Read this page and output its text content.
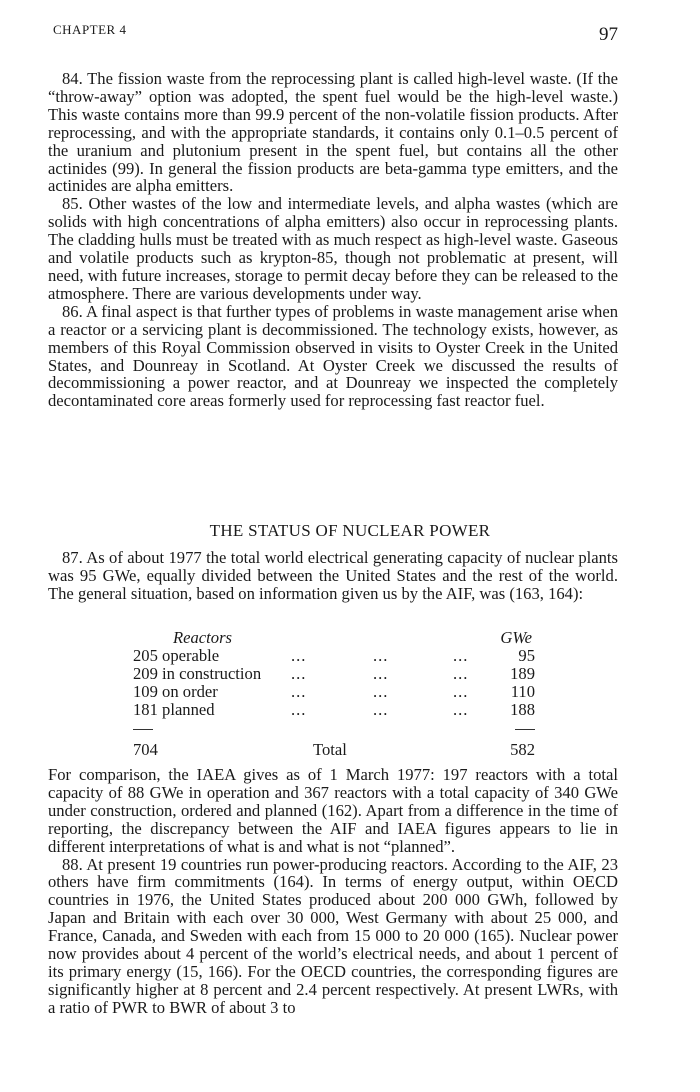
CHAPTER 4	97

84. The fission waste from the reprocessing plant is called high-level waste. (If the “throw-away” option was adopted, the spent fuel would be the high-level waste.) This waste contains more than 99.9 percent of the non-volatile fission products. After reprocessing, and with the appropriate standards, it contains only 0.1–0.5 percent of the uranium and plutonium present in the spent fuel, but contains all the other actinides (99). In general the fission products are beta-gamma type emitters, and the actinides are alpha emitters.

85. Other wastes of the low and intermediate levels, and alpha wastes (which are solids with high concentrations of alpha emitters) also occur in reprocessing plants. The cladding hulls must be treated with as much respect as high-level waste. Gaseous and volatile products such as krypton-85, though not problematic at present, will need, with future increases, storage to permit decay before they can be released to the atmosphere. There are various developments under way.

86. A final aspect is that further types of problems in waste management arise when a reactor or a servicing plant is decommissioned. The technology exists, however, as members of this Royal Commission observed in visits to Oyster Creek in the United States, and Dounreay in Scotland. At Oyster Creek we discussed the results of decommissioning a power reactor, and at Dounreay we inspected the completely decontaminated core areas formerly used for reprocessing fast reactor fuel.

THE STATUS OF NUCLEAR POWER

87. As of about 1977 the total world electrical generating capacity of nuclear plants was 95 GWe, equally divided between the United States and the rest of the world. The general situation, based on information given us by the AIF, was (163, 164):

Reactors	GWe
205 operable	...	...	...	95
209 in construction ...	...	...	189
109 on order	...	...	...	110
181 planned	...	...	...	188
704	Total	582

For comparison, the IAEA gives as of 1 March 1977: 197 reactors with a total capacity of 88 GWe in operation and 367 reactors with a total capacity of 340 GWe under construction, ordered and planned (162). Apart from a difference in the time of reporting, the discrepancy between the AIF and IAEA figures appears to lie in different interpretations of what is and what is not “planned”.

88. At present 19 countries run power-producing reactors. According to the AIF, 23 others have firm commitments (164). In terms of energy output, within OECD countries in 1976, the United States produced about 200 000 GWh, followed by Japan and Britain with each over 30 000, West Germany with about 25 000, and France, Canada, and Sweden with each from 15 000 to 20 000 (165). Nuclear power now provides about 4 percent of the world’s electrical needs, and about 1 percent of its primary energy (15, 166). For the OECD countries, the corresponding figures are significantly higher at 8 percent and 2.4 percent respectively. At present LWRs, with a ratio of PWR to BWR of about 3 to
